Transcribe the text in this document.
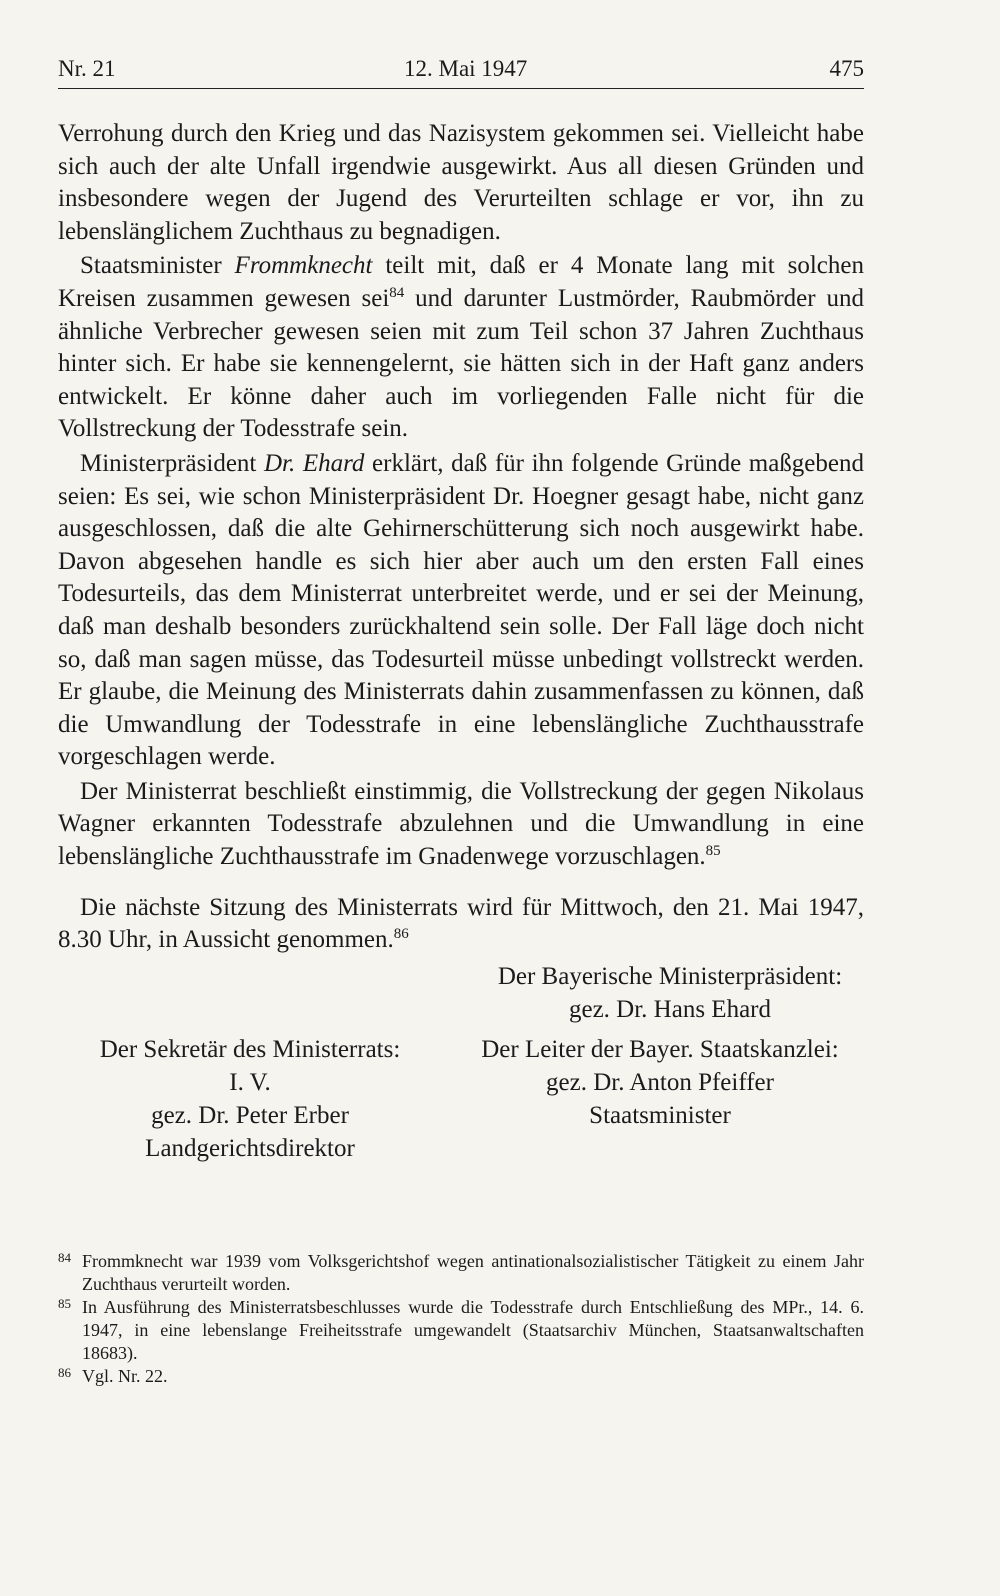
Nr. 21	12. Mai 1947	475

Verrohung durch den Krieg und das Nazisystem gekommen sei. Vielleicht habe sich auch der alte Unfall irgendwie ausgewirkt. Aus all diesen Gründen und insbesondere wegen der Jugend des Verurteilten schlage er vor, ihn zu lebenslänglichem Zuchthaus zu begnadigen.

Staatsminister Frommknecht teilt mit, daß er 4 Monate lang mit solchen Kreisen zusammen gewesen sei$^{84}$ und darunter Lustmörder, Raubmörder und ähnliche Verbrecher gewesen seien mit zum Teil schon 37 Jahren Zuchthaus hinter sich. Er habe sie kennengelernt, sie hätten sich in der Haft ganz anders entwickelt. Er könne daher auch im vorliegenden Falle nicht für die Vollstreckung der Todesstrafe sein.

Ministerpräsident Dr. Ehard erklärt, daß für ihn folgende Gründe maßgebend seien: Es sei, wie schon Ministerpräsident Dr. Hoegner gesagt habe, nicht ganz ausgeschlossen, daß die alte Gehirnerschütterung sich noch ausgewirkt habe. Davon abgesehen handle es sich hier aber auch um den ersten Fall eines Todesurteils, das dem Ministerrat unterbreitet werde, und er sei der Meinung, daß man deshalb besonders zurückhaltend sein solle. Der Fall läge doch nicht so, daß man sagen müsse, das Todesurteil müsse unbedingt vollstreckt werden. Er glaube, die Meinung des Ministerrats dahin zusammenfassen zu können, daß die Umwandlung der Todesstrafe in eine lebenslängliche Zuchthausstrafe vorgeschlagen werde.

Der Ministerrat beschließt einstimmig, die Vollstreckung der gegen Nikolaus Wagner erkannten Todesstrafe abzulehnen und die Umwandlung in eine lebenslängliche Zuchthausstrafe im Gnadenwege vorzuschlagen.$^{85}$

Die nächste Sitzung des Ministerrats wird für Mittwoch, den 21. Mai 1947, 8.30 Uhr, in Aussicht genommen.$^{86}$

Der Bayerische Ministerpräsident:
gez. Dr. Hans Ehard
Der Sekretär des Ministerrats:
I. V.
gez. Dr. Peter Erber
Landgerichtsdirektor
Der Leiter der Bayer. Staatskanzlei:
gez. Dr. Anton Pfeiffer
Staatsminister
84 Frommknecht war 1939 vom Volksgerichtshof wegen antinationalsozialistischer Tätigkeit zu einem Jahr Zuchthaus verurteilt worden.
85 In Ausführung des Ministerratsbeschlusses wurde die Todesstrafe durch Entschließung des MPr., 14. 6. 1947, in eine lebenslange Freiheitsstrafe umgewandelt (Staatsarchiv München, Staatsanwaltschaften 18683).
86 Vgl. Nr. 22.
